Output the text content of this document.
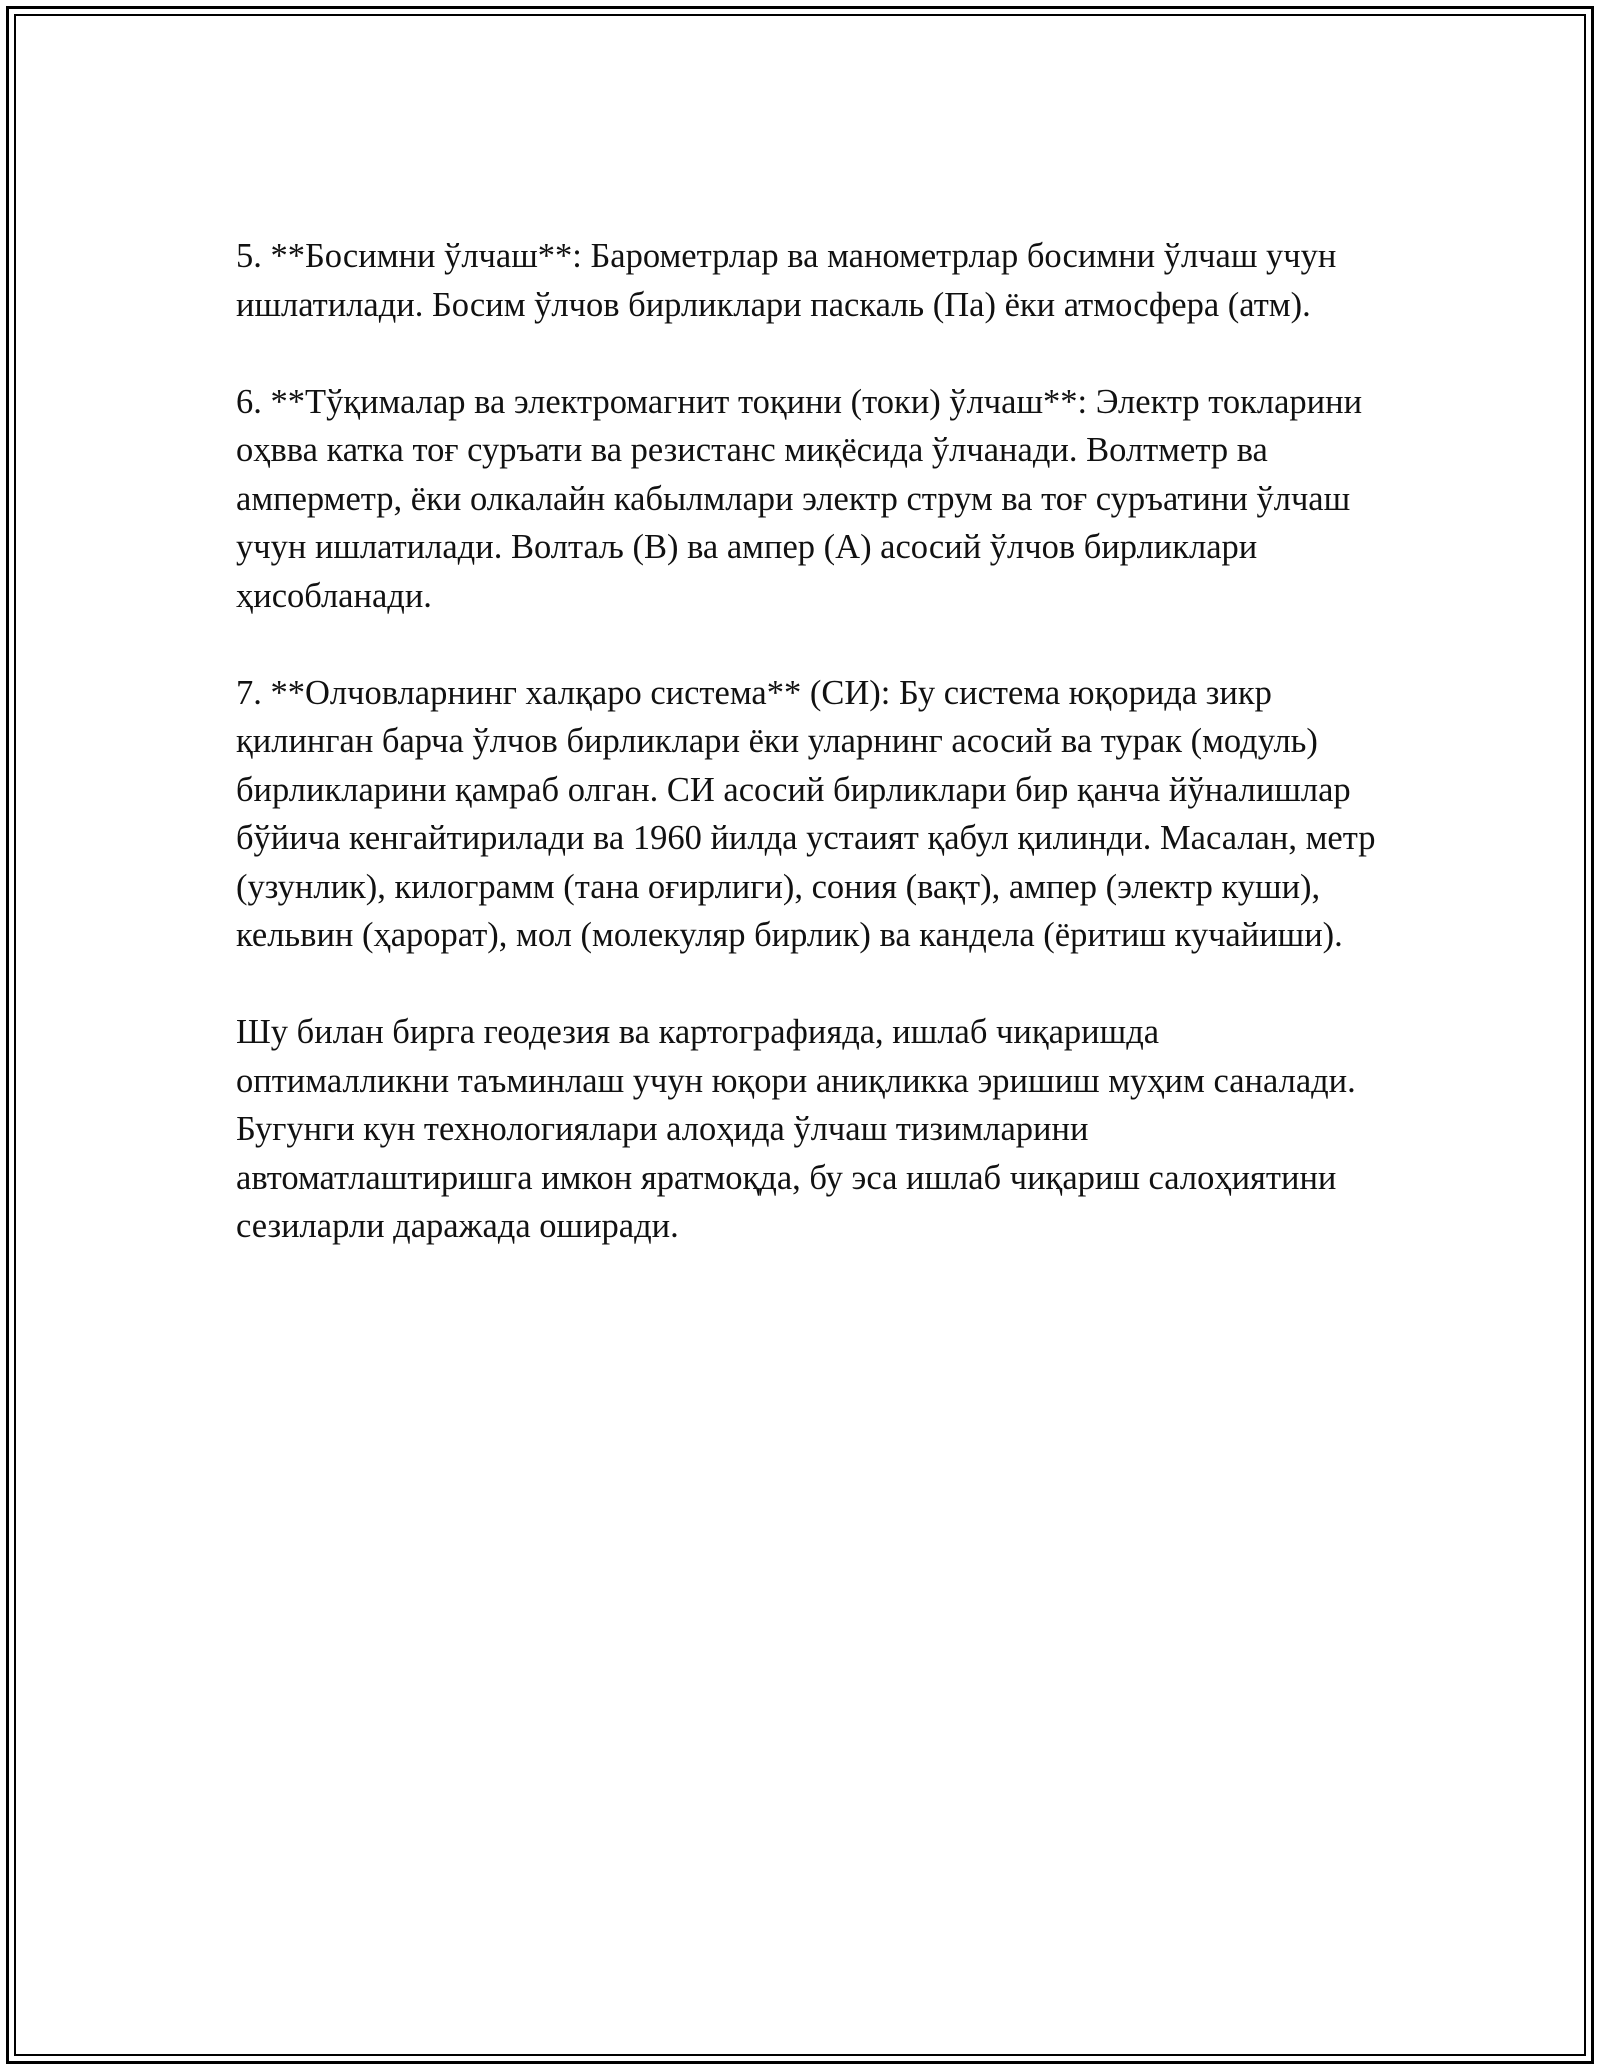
5. **Босимни ўлчаш**: Барометрлар ва манометрлар босимни ўлчаш учун ишлатилади. Босим ўлчов бирликлари паскаль (Па) ёки атмосфера (атм).

6. **Тўқималар ва электромагнит тоқини (токи) ўлчаш**: Электр токларини оҳвва катка тоғ суръати ва резистанс миқёсида ўлчанади. Волтметр ва амперметр, ёки олкалайн кабылмлари электр струм ва тоғ суръатини ўлчаш учун ишлатилади. Волтаљ (В) ва ампер (А) асосий ўлчов бирликлари ҳисобланади.

7. **Олчовларнинг халқаро система** (СИ): Бу система юқорида зикр қилинган барча ўлчов бирликлари ёки уларнинг асосий ва турак (модуль) бирликларини қамраб олган. СИ асосий бирликлари бир қанча йўналишлар бўйича кенгайтирилади ва 1960 йилда устаият қабул қилинди. Масалан, метр (узунлик), килограмм (тана оғирлиги), сония (вақт), ампер (электр куши), кельвин (ҳарорат), мол (молекуляр бирлик) ва кандела (ёритиш кучайиши).

Шу билан бирга геодезия ва картографияда, ишлаб чиқаришда оптималликни таъминлаш учун юқори аниқликка эришиш муҳим саналади. Бугунги кун технологиялари алоҳида ўлчаш тизимларини автоматлаштиришга имкон яратмоқда, бу эса ишлаб чиқариш салоҳиятини сезиларли даражада оширади.
